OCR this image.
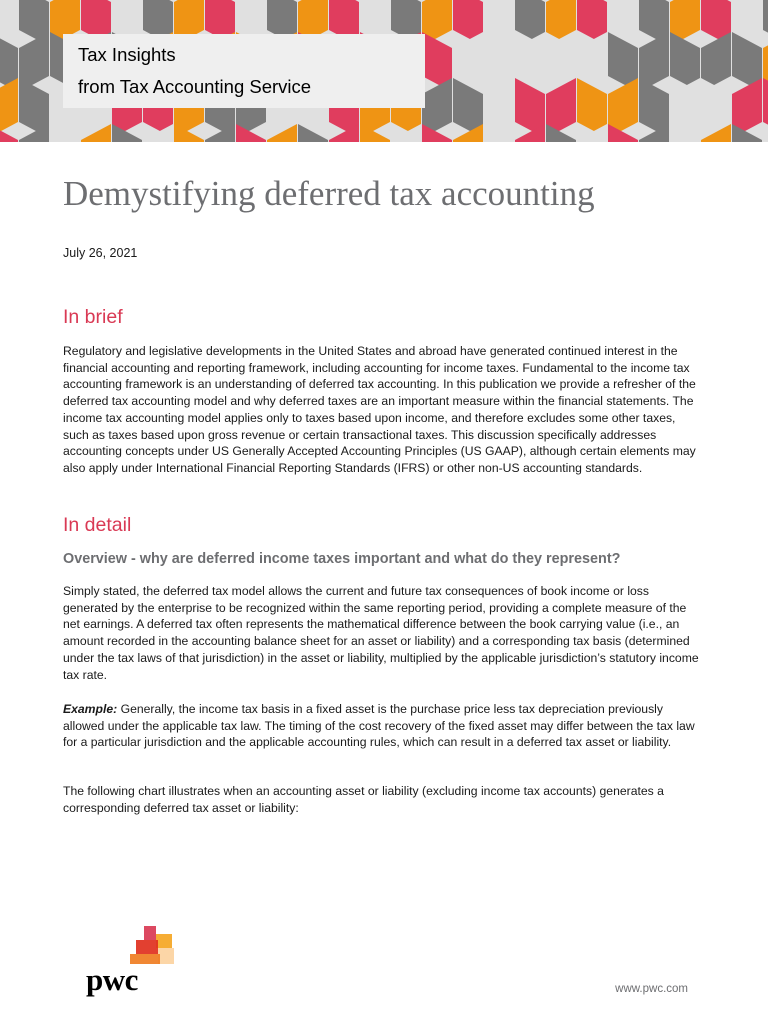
Tax Insights
from Tax Accounting Service
Demystifying deferred tax accounting
July 26, 2021
In brief

Regulatory and legislative developments in the United States and abroad have generated continued interest in the financial accounting and reporting framework, including accounting for income taxes. Fundamental to the income tax accounting framework is an understanding of deferred tax accounting. In this publication we provide a refresher of the deferred tax accounting model and why deferred taxes are an important measure within the financial statements. The income tax accounting model applies only to taxes based upon income, and therefore excludes some other taxes, such as taxes based upon gross revenue or certain transactional taxes. This discussion specifically addresses accounting concepts under US Generally Accepted Accounting Principles (US GAAP), although certain elements may also apply under International Financial Reporting Standards (IFRS) or other non-US accounting standards.

In detail
Overview - why are deferred income taxes important and what do they represent?

Simply stated, the deferred tax model allows the current and future tax consequences of book income or loss generated by the enterprise to be recognized within the same reporting period, providing a complete measure of the net earnings. A deferred tax often represents the mathematical difference between the book carrying value (i.e., an amount recorded in the accounting balance sheet for an asset or liability) and a corresponding tax basis (determined under the tax laws of that jurisdiction) in the asset or liability, multiplied by the applicable jurisdiction’s statutory income tax rate.

Example: Generally, the income tax basis in a fixed asset is the purchase price less tax depreciation previously allowed under the applicable tax law. The timing of the cost recovery of the fixed asset may differ between the tax law for a particular jurisdiction and the applicable accounting rules, which can result in a deferred tax asset or liability.

The following chart illustrates when an accounting asset or liability (excluding income tax accounts) generates a corresponding deferred tax asset or liability:

pwc	www.pwc.com
